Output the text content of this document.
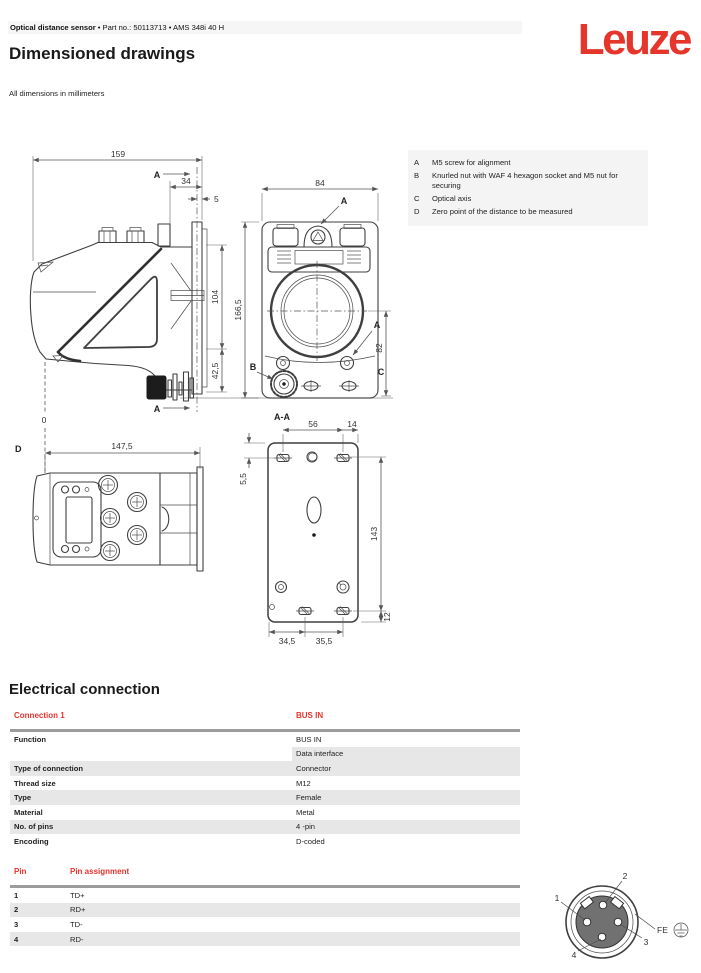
159
A
A
34
5
104
42,5
0
84
166,5
82
C
A
A
B
A-A
D	147,5
56	14
5,5
143
12
34,5 35,5
1
2
3
4
FE
Optical distance sensor • Part no.: 50113713 • AMS 348i 40 H	Leuze
Dimensioned drawings
All dimensions in millimeters
A	M5 screw for alignment
B	Knurled nut with WAF 4 hexagon socket and M5 nut for securing
C	Optical axis
D	Zero point of the distance to be measured
Electrical connection
Connection 1	BUS IN
Function	BUS IN
Data interface
Type of connection	Connector
Thread size	M12
Type	Female
Material	Metal
No. of pins	4 -pin
Encoding	D-coded
Pin	Pin assignment
1	TD+
2	RD+
3	TD-
4	RD-
